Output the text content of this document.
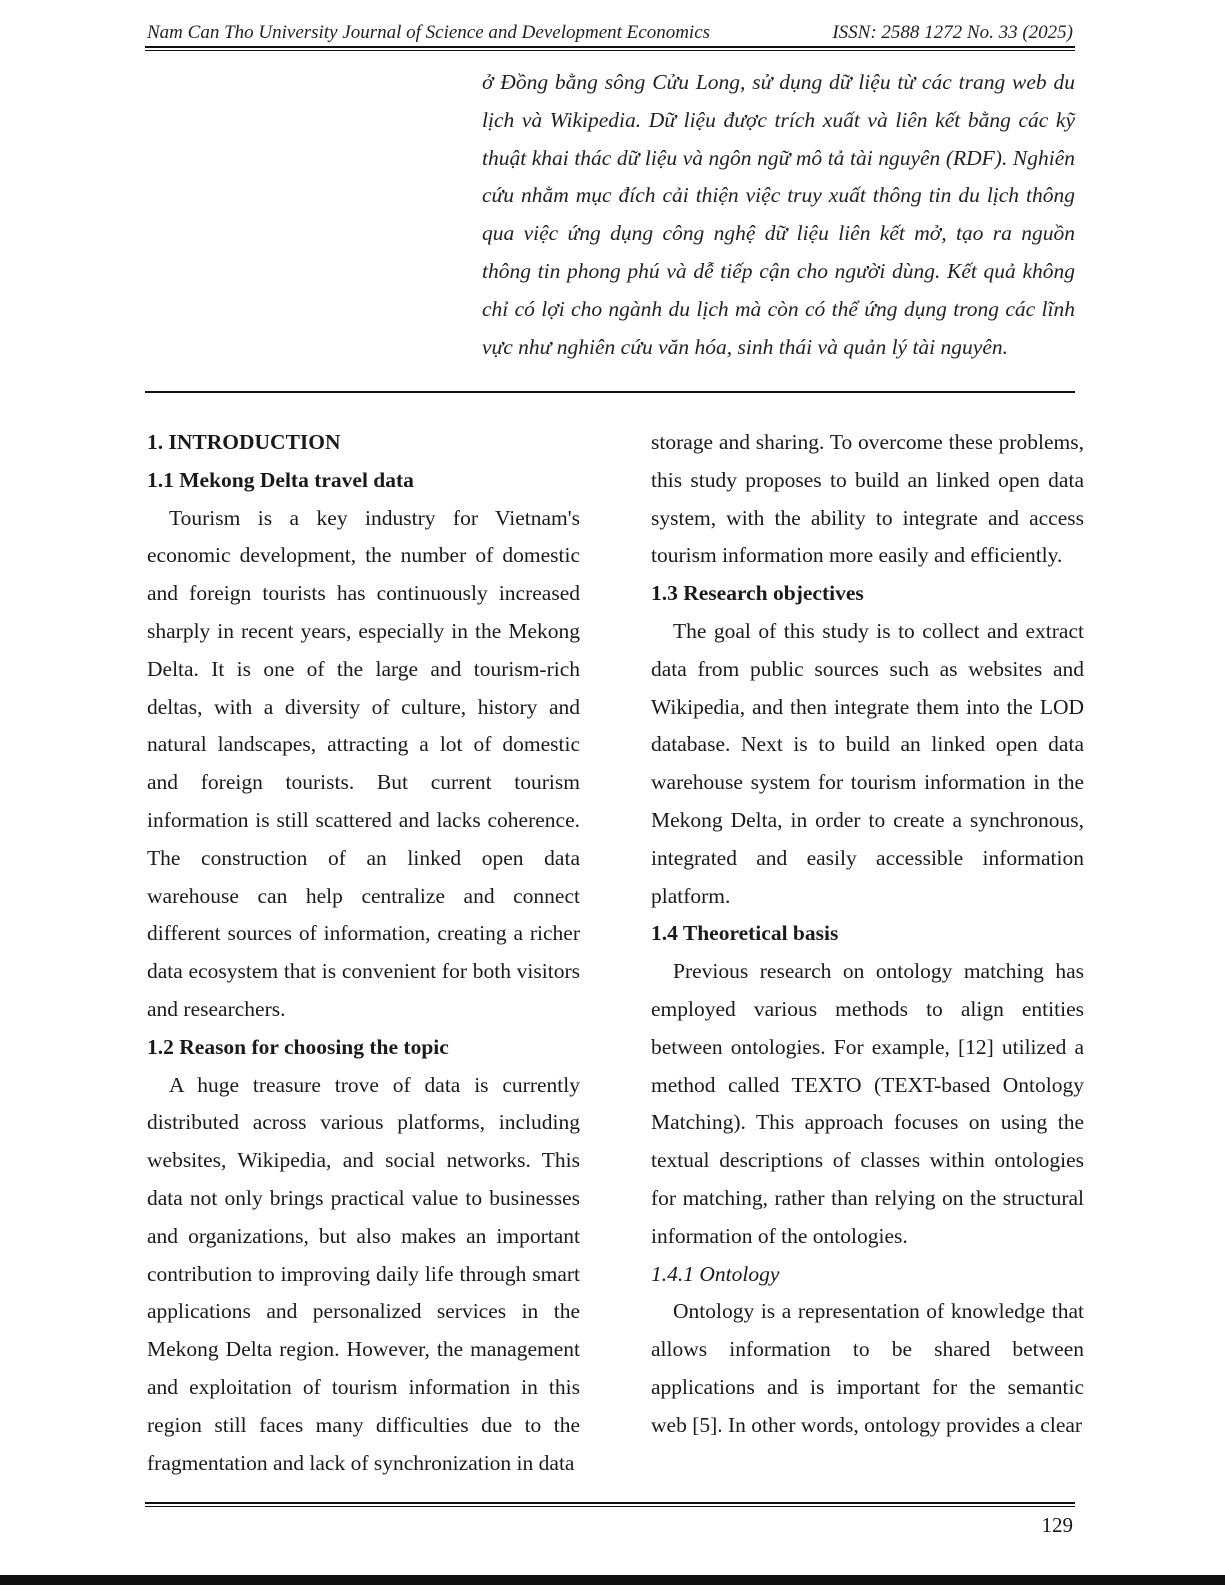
Nam Can Tho University Journal of Science and Development Economics	ISSN: 2588 1272 No. 33 (2025)

ở Đồng bằng sông Cửu Long, sử dụng dữ liệu từ các trang web du lịch và Wikipedia. Dữ liệu được trích xuất và liên kết bằng các kỹ thuật khai thác dữ liệu và ngôn ngữ mô tả tài nguyên (RDF). Nghiên cứu nhằm mục đích cải thiện việc truy xuất thông tin du lịch thông qua việc ứng dụng công nghệ dữ liệu liên kết mở, tạo ra nguồn thông tin phong phú và dễ tiếp cận cho người dùng. Kết quả không chỉ có lợi cho ngành du lịch mà còn có thể ứng dụng trong các lĩnh vực như nghiên cứu văn hóa, sinh thái và quản lý tài nguyên.

1. INTRODUCTION
1.1 Mekong Delta travel data

Tourism is a key industry for Vietnam's economic development, the number of domestic and foreign tourists has continuously increased sharply in recent years, especially in the Mekong Delta. It is one of the large and tourism-rich deltas, with a diversity of culture, history and natural landscapes, attracting a lot of domestic and foreign tourists. But current tourism information is still scattered and lacks coherence. The construction of an linked open data warehouse can help centralize and connect different sources of information, creating a richer data ecosystem that is convenient for both visitors and researchers.

1.2 Reason for choosing the topic

A huge treasure trove of data is currently distributed across various platforms, including websites, Wikipedia, and social networks. This data not only brings practical value to businesses and organizations, but also makes an important contribution to improving daily life through smart applications and personalized services in the Mekong Delta region. However, the management and exploitation of tourism information in this region still faces many difficulties due to the fragmentation and lack of synchronization in data

storage and sharing. To overcome these problems, this study proposes to build an linked open data system, with the ability to integrate and access tourism information more easily and efficiently.

1.3 Research objectives

The goal of this study is to collect and extract data from public sources such as websites and Wikipedia, and then integrate them into the LOD database. Next is to build an linked open data warehouse system for tourism information in the Mekong Delta, in order to create a synchronous, integrated and easily accessible information platform.

1.4 Theoretical basis

Previous research on ontology matching has employed various methods to align entities between ontologies. For example, [12] utilized a method called TEXTO (TEXT-based Ontology Matching). This approach focuses on using the textual descriptions of classes within ontologies for matching, rather than relying on the structural information of the ontologies.

1.4.1 Ontology

Ontology is a representation of knowledge that allows information to be shared between applications and is important for the semantic web [5]. In other words, ontology provides a clear

129
